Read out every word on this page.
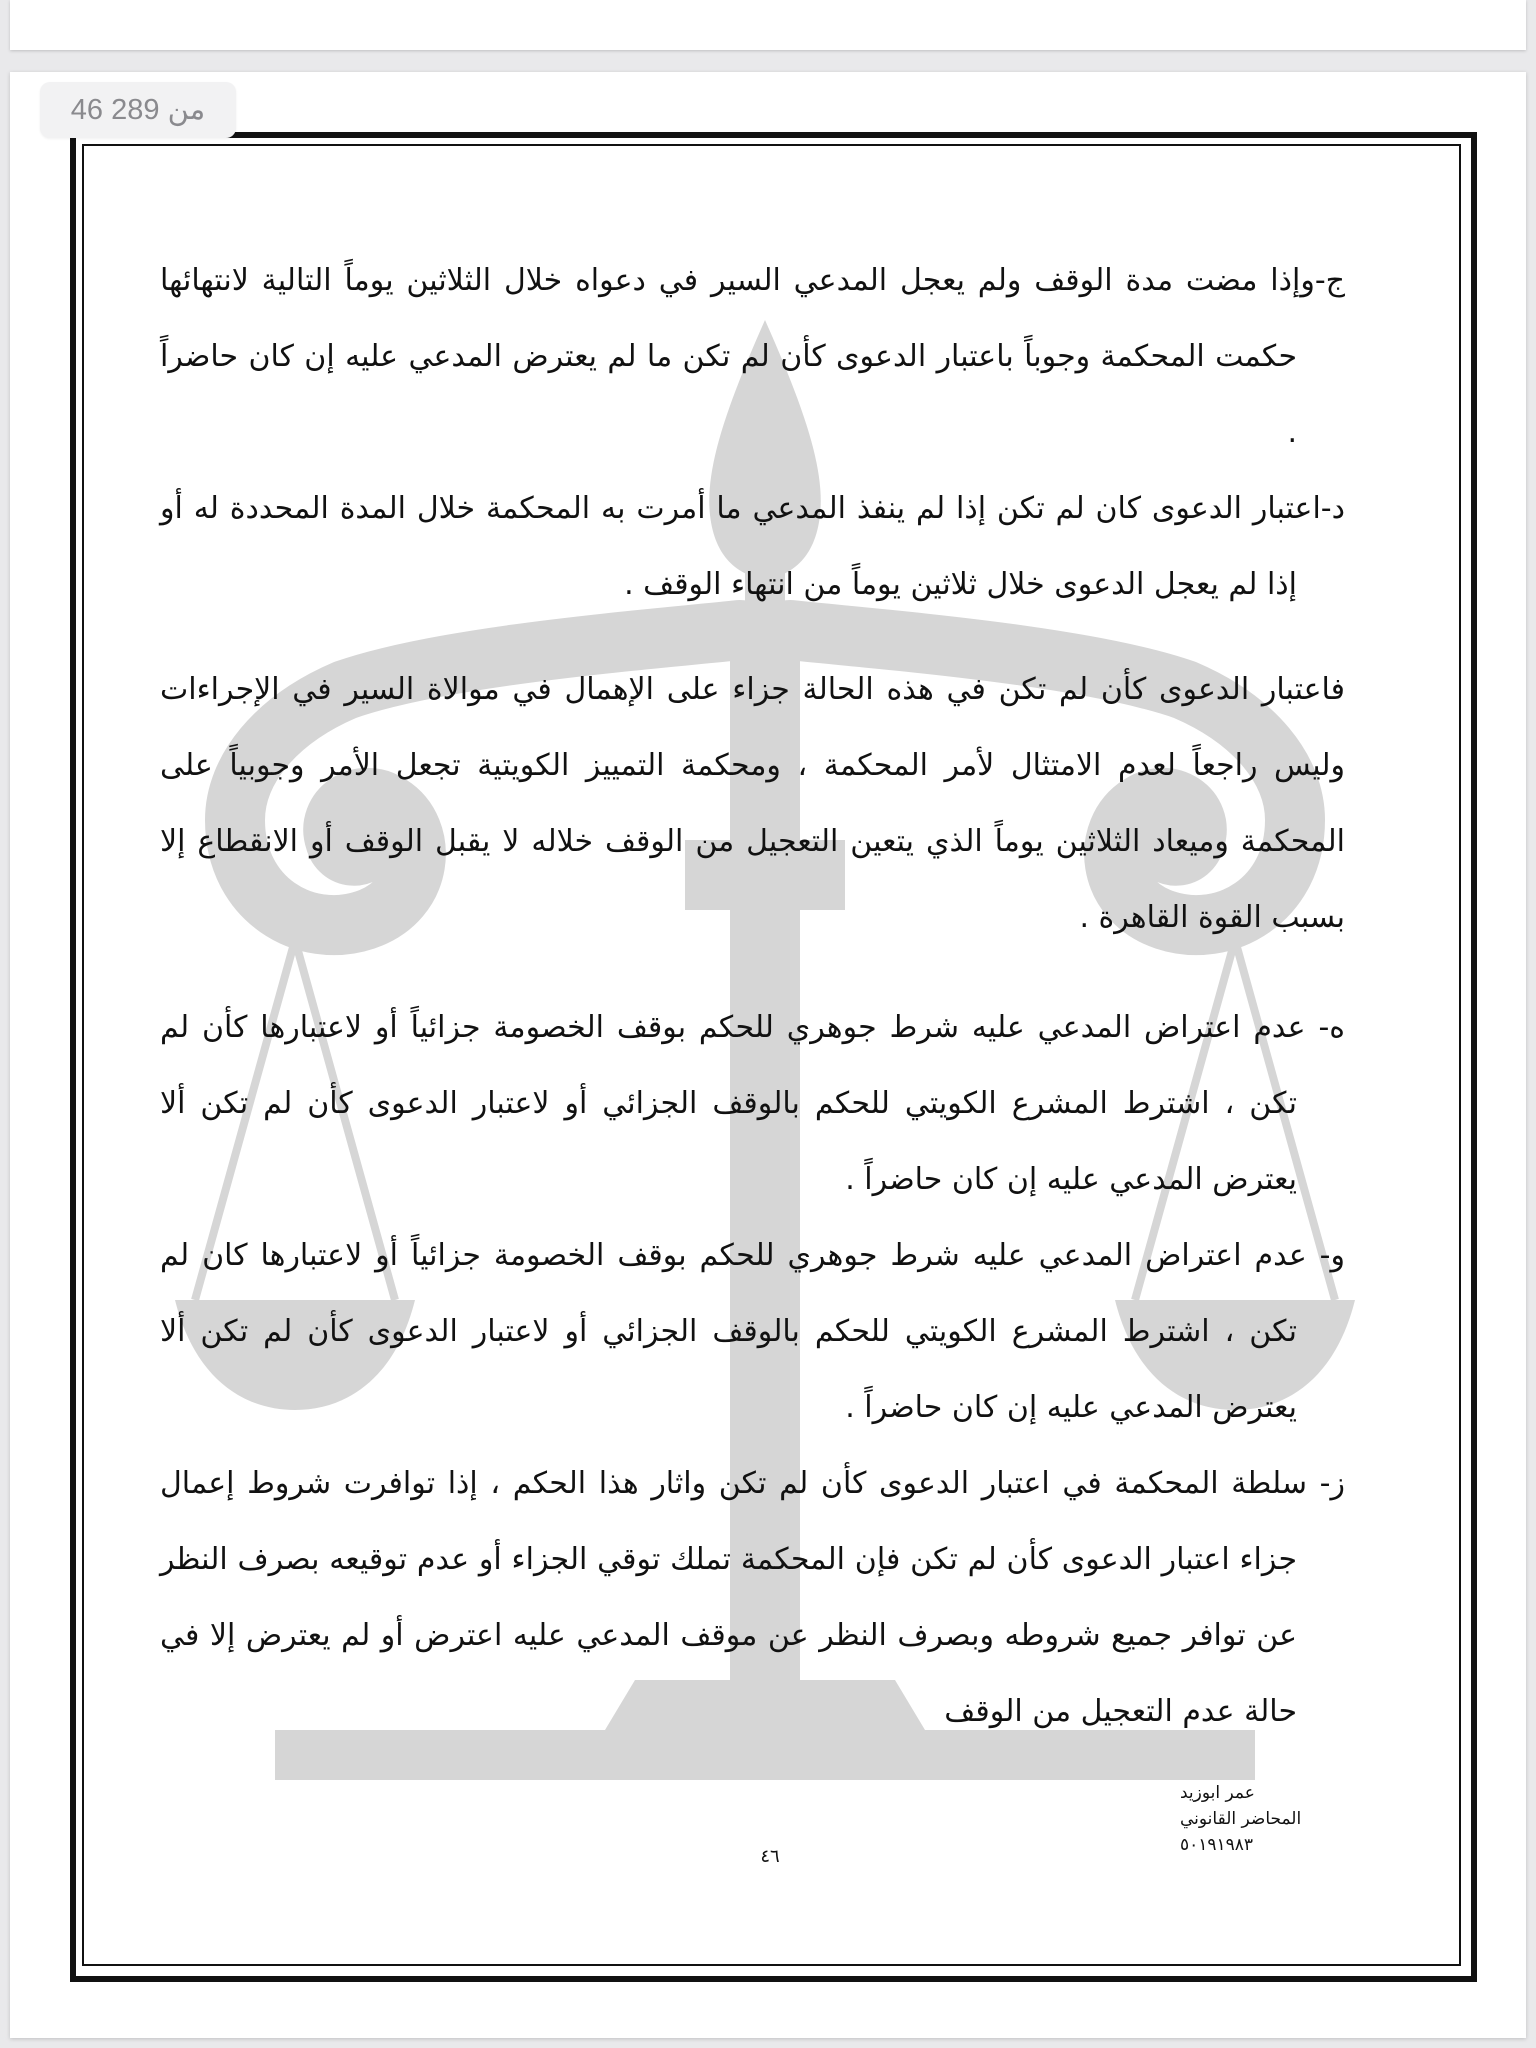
46 من 289
ج-وإذا مضت مدة الوقف ولم يعجل المدعي السير في دعواه خلال الثلاثين يوماً التالية لانتهائها حكمت المحكمة وجوباً باعتبار الدعوى كأن لم تكن ما لم يعترض المدعي عليه إن كان حاضراً .
د-اعتبار الدعوى كان لم تكن إذا لم ينفذ المدعي ما أمرت به المحكمة خلال المدة المحددة له أو إذا لم يعجل الدعوى خلال ثلاثين يوماً من انتهاء الوقف .
فاعتبار الدعوى كأن لم تكن في هذه الحالة جزاء على الإهمال في موالاة السير في الإجراءات وليس راجعاً لعدم الامتثال لأمر المحكمة ، ومحكمة التمييز الكويتية تجعل الأمر وجوبياً على المحكمة وميعاد الثلاثين يوماً الذي يتعين التعجيل من الوقف خلاله لا يقبل الوقف أو الانقطاع إلا بسبب القوة القاهرة .
ه- عدم اعتراض المدعي عليه شرط جوهري للحكم بوقف الخصومة جزائياً أو لاعتبارها كأن لم تكن ، اشترط المشرع الكويتي للحكم بالوقف الجزائي أو لاعتبار الدعوى كأن لم تكن ألا يعترض المدعي عليه إن كان حاضراً .
و- عدم اعتراض المدعي عليه شرط جوهري للحكم بوقف الخصومة جزائياً أو لاعتبارها كان لم تكن ، اشترط المشرع الكويتي للحكم بالوقف الجزائي أو لاعتبار الدعوى كأن لم تكن ألا يعترض المدعي عليه إن كان حاضراً .
ز- سلطة المحكمة في اعتبار الدعوى كأن لم تكن واثار هذا الحكم ، إذا توافرت شروط إعمال جزاء اعتبار الدعوى كأن لم تكن فإن المحكمة تملك توقي الجزاء أو عدم توقيعه بصرف النظر عن توافر جميع شروطه وبصرف النظر عن موقف المدعي عليه اعترض أو لم يعترض إلا في حالة عدم التعجيل من الوقف
عمر ابوزيد
المحاضر القانوني
٥٠١٩١٩٨٣
٤٦
